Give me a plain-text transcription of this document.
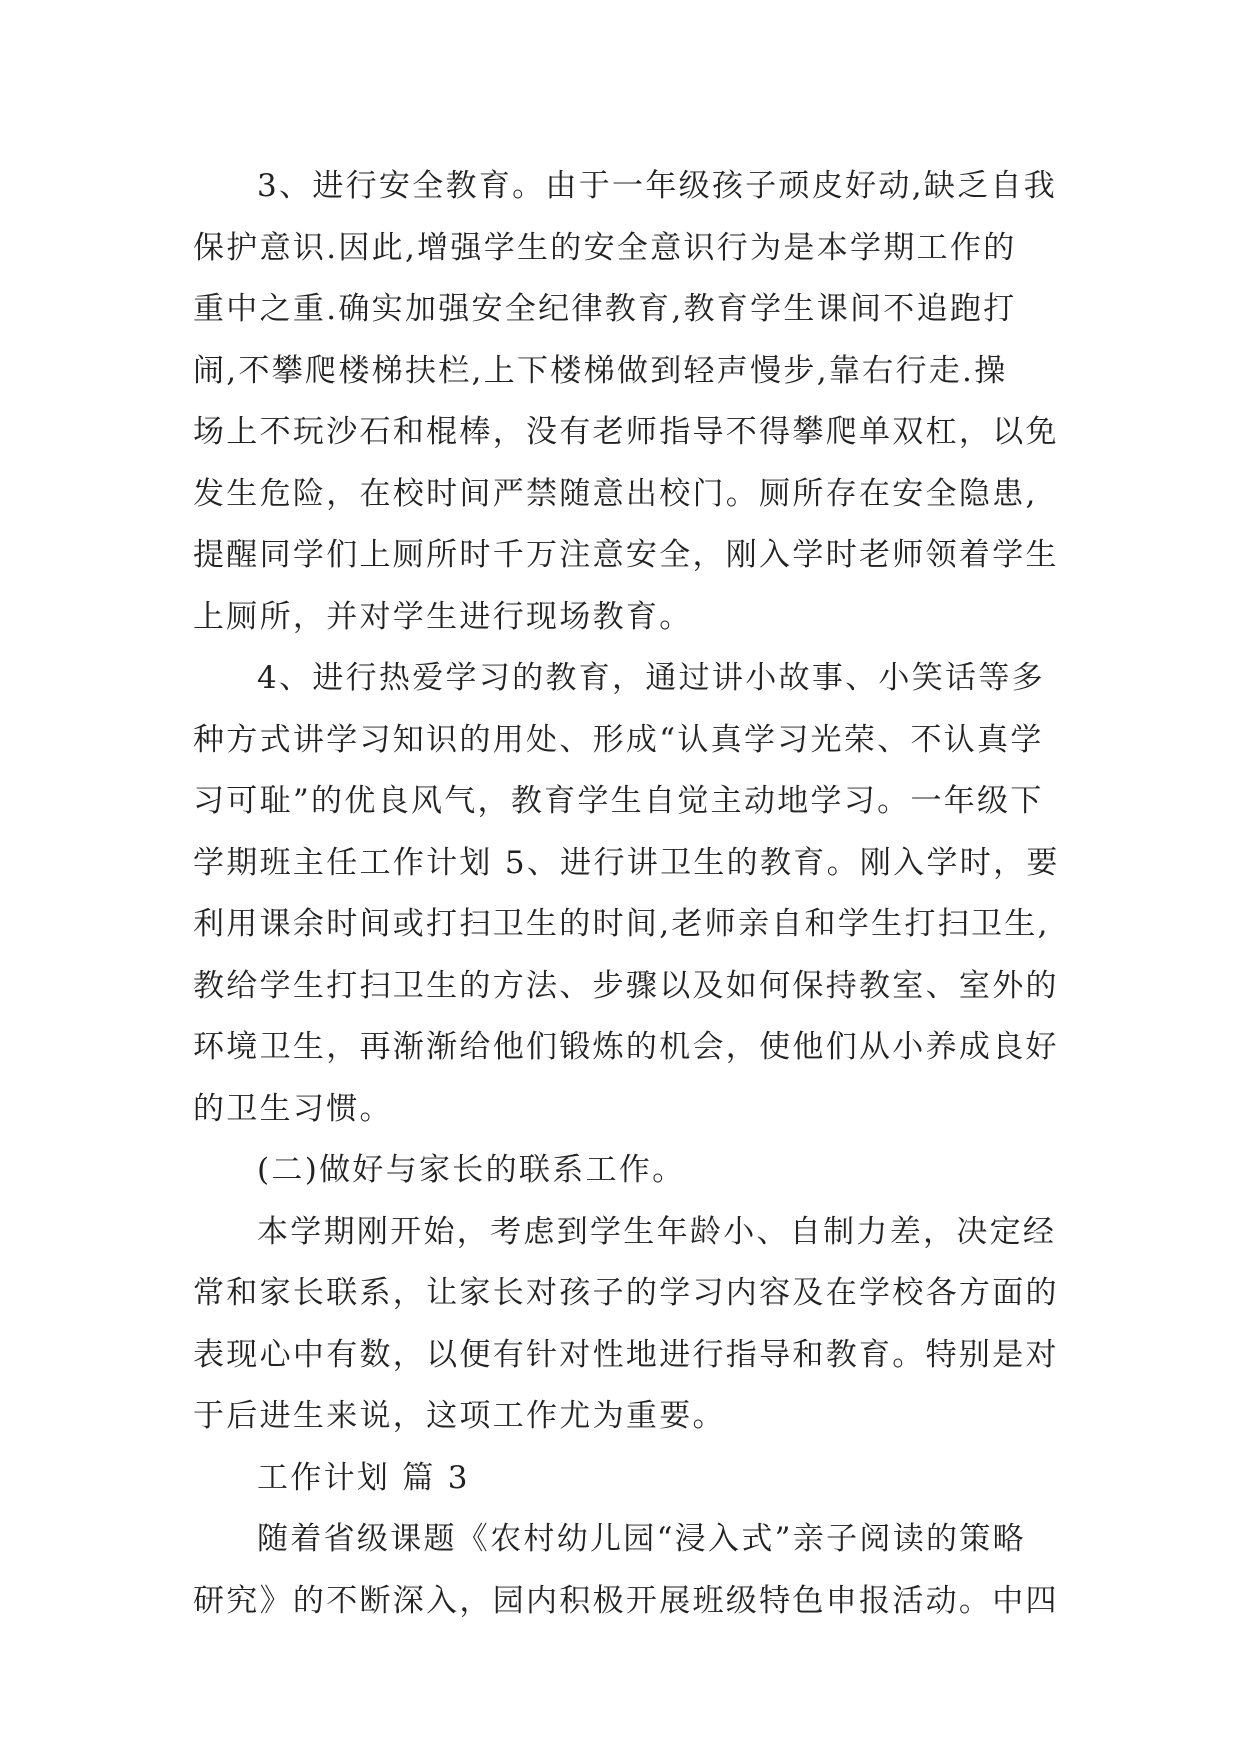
3、进行安全教育。由于一年级孩子顽皮好动,缺乏自我
保护意识.因此,增强学生的安全意识行为是本学期工作的
重中之重.确实加强安全纪律教育,教育学生课间不追跑打
闹,不攀爬楼梯扶栏,上下楼梯做到轻声慢步,靠右行走.操
场上不玩沙石和棍棒，没有老师指导不得攀爬单双杠，以免
发生危险，在校时间严禁随意出校门。厕所存在安全隐患,
提醒同学们上厕所时千万注意安全，刚入学时老师领着学生
上厕所，并对学生进行现场教育。
4、进行热爱学习的教育，通过讲小故事、小笑话等多
种方式讲学习知识的用处、形成“认真学习光荣、不认真学
习可耻”的优良风气，教育学生自觉主动地学习。一年级下
学期班主任工作计划 5、进行讲卫生的教育。刚入学时，要
利用课余时间或打扫卫生的时间,老师亲自和学生打扫卫生,
教给学生打扫卫生的方法、步骤以及如何保持教室、室外的
环境卫生，再渐渐给他们锻炼的机会，使他们从小养成良好
的卫生习惯。
(二)做好与家长的联系工作。
本学期刚开始，考虑到学生年龄小、自制力差，决定经
常和家长联系，让家长对孩子的学习内容及在学校各方面的
表现心中有数，以便有针对性地进行指导和教育。特别是对
于后进生来说，这项工作尤为重要。
工作计划 篇 3
随着省级课题《农村幼儿园“浸入式”亲子阅读的策略
研究》的不断深入，园内积极开展班级特色申报活动。中四
